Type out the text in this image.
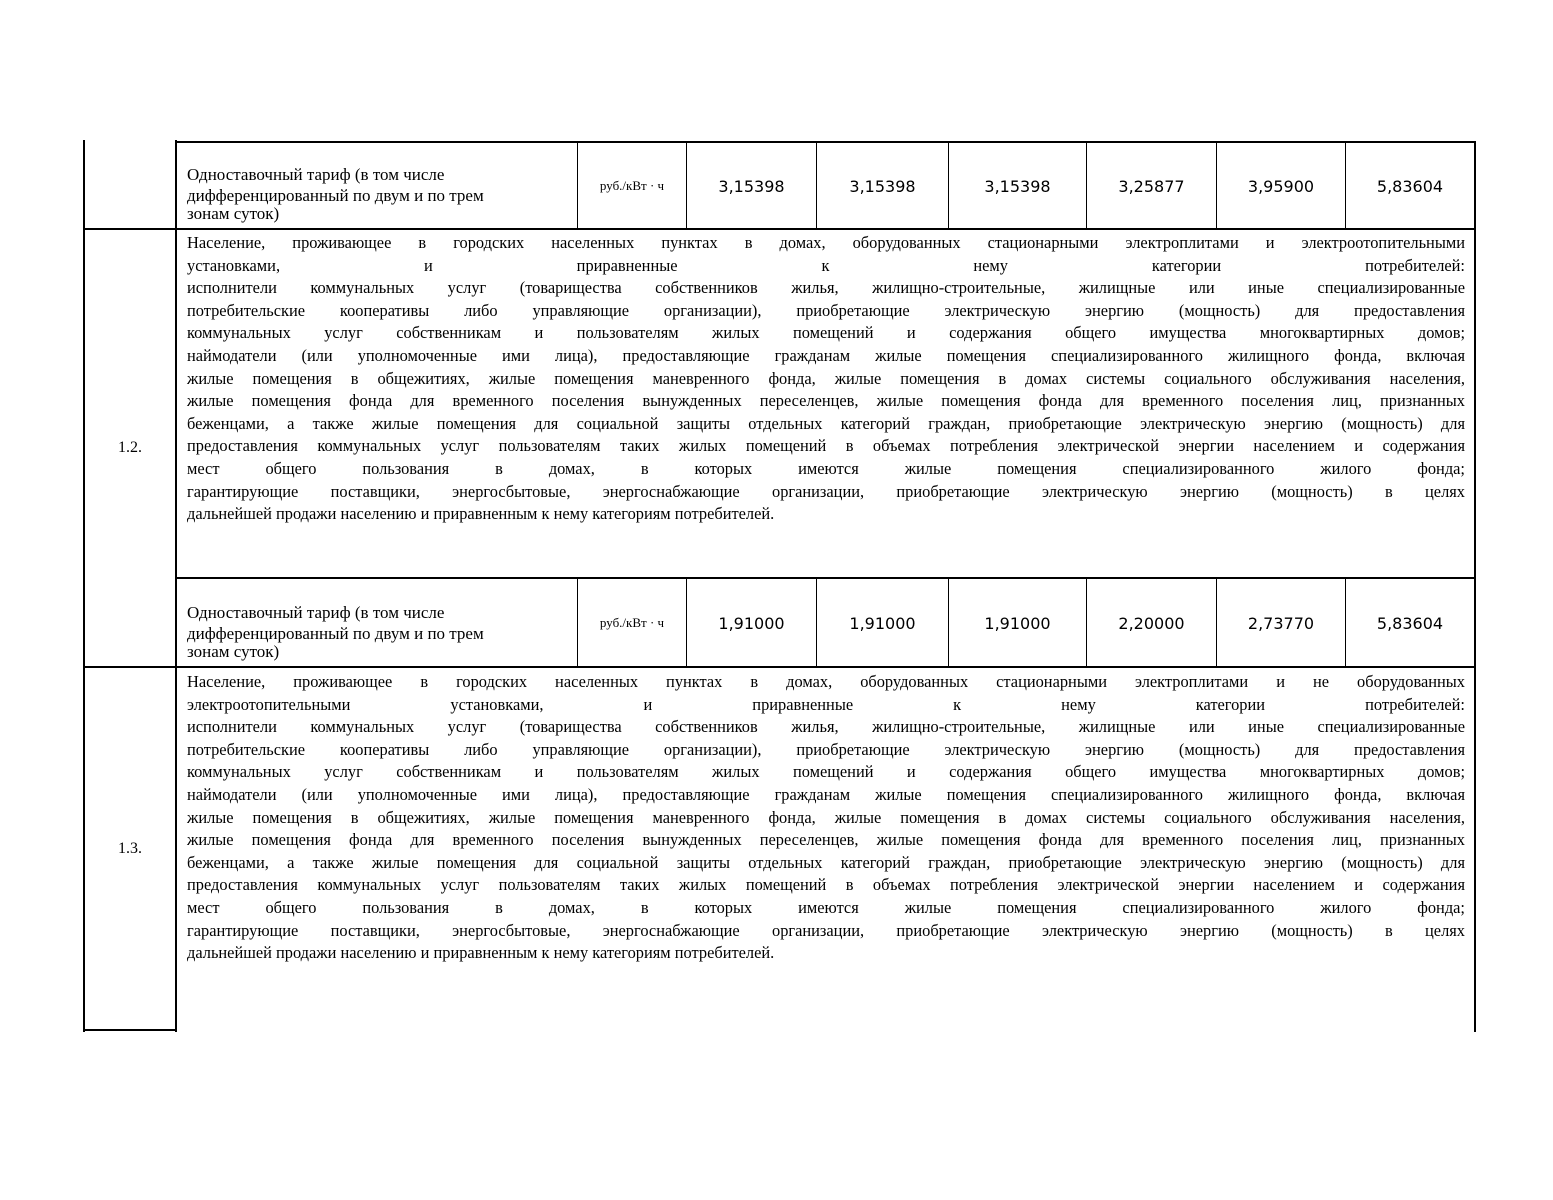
Одноставочный тариф (в том числе
дифференцированный по двум и по трем
зонам суток)
руб./кВт · ч	3,15398	3,15398	3,15398	3,25877	3,95900	5,83604
1.2.
Население, проживающее в городских населенных пунктах в домах, оборудованных стационарными электроплитами и электроотопительными
установками, и приравненные к нему категории потребителей:
исполнители коммунальных услуг (товарищества собственников жилья, жилищно-строительные, жилищные или иные специализированные
потребительские кооперативы либо управляющие организации), приобретающие электрическую энергию (мощность) для предоставления
коммунальных услуг собственникам и пользователям жилых помещений и содержания общего имущества многоквартирных домов;
наймодатели (или уполномоченные ими лица), предоставляющие гражданам жилые помещения специализированного жилищного фонда, включая
жилые помещения в общежитиях, жилые помещения маневренного фонда, жилые помещения в домах системы социального обслуживания населения,
жилые помещения фонда для временного поселения вынужденных переселенцев, жилые помещения фонда для временного поселения лиц, признанных
беженцами, а также жилые помещения для социальной защиты отдельных категорий граждан, приобретающие электрическую энергию (мощность) для
предоставления коммунальных услуг пользователям таких жилых помещений в объемах потребления электрической энергии населением и содержания
мест общего пользования в домах, в которых имеются жилые помещения специализированного жилого фонда;
гарантирующие поставщики, энергосбытовые, энергоснабжающие организации, приобретающие электрическую энергию (мощность) в целях
дальнейшей продажи населению и приравненным к нему категориям потребителей.
Одноставочный тариф (в том числе
дифференцированный по двум и по трем
зонам суток)
руб./кВт · ч	1,91000	1,91000	1,91000	2,20000	2,73770	5,83604
1.3.
Население, проживающее в городских населенных пунктах в домах, оборудованных стационарными электроплитами и не оборудованных
электроотопительными установками, и приравненные к нему категории потребителей:
исполнители коммунальных услуг (товарищества собственников жилья, жилищно-строительные, жилищные или иные специализированные
потребительские кооперативы либо управляющие организации), приобретающие электрическую энергию (мощность) для предоставления
коммунальных услуг собственникам и пользователям жилых помещений и содержания общего имущества многоквартирных домов;
наймодатели (или уполномоченные ими лица), предоставляющие гражданам жилые помещения специализированного жилищного фонда, включая
жилые помещения в общежитиях, жилые помещения маневренного фонда, жилые помещения в домах системы социального обслуживания населения,
жилые помещения фонда для временного поселения вынужденных переселенцев, жилые помещения фонда для временного поселения лиц, признанных
беженцами, а также жилые помещения для социальной защиты отдельных категорий граждан, приобретающие электрическую энергию (мощность) для
предоставления коммунальных услуг пользователям таких жилых помещений в объемах потребления электрической энергии населением и содержания
мест общего пользования в домах, в которых имеются жилые помещения специализированного жилого фонда;
гарантирующие поставщики, энергосбытовые, энергоснабжающие организации, приобретающие электрическую энергию (мощность) в целях
дальнейшей продажи населению и приравненным к нему категориям потребителей.
